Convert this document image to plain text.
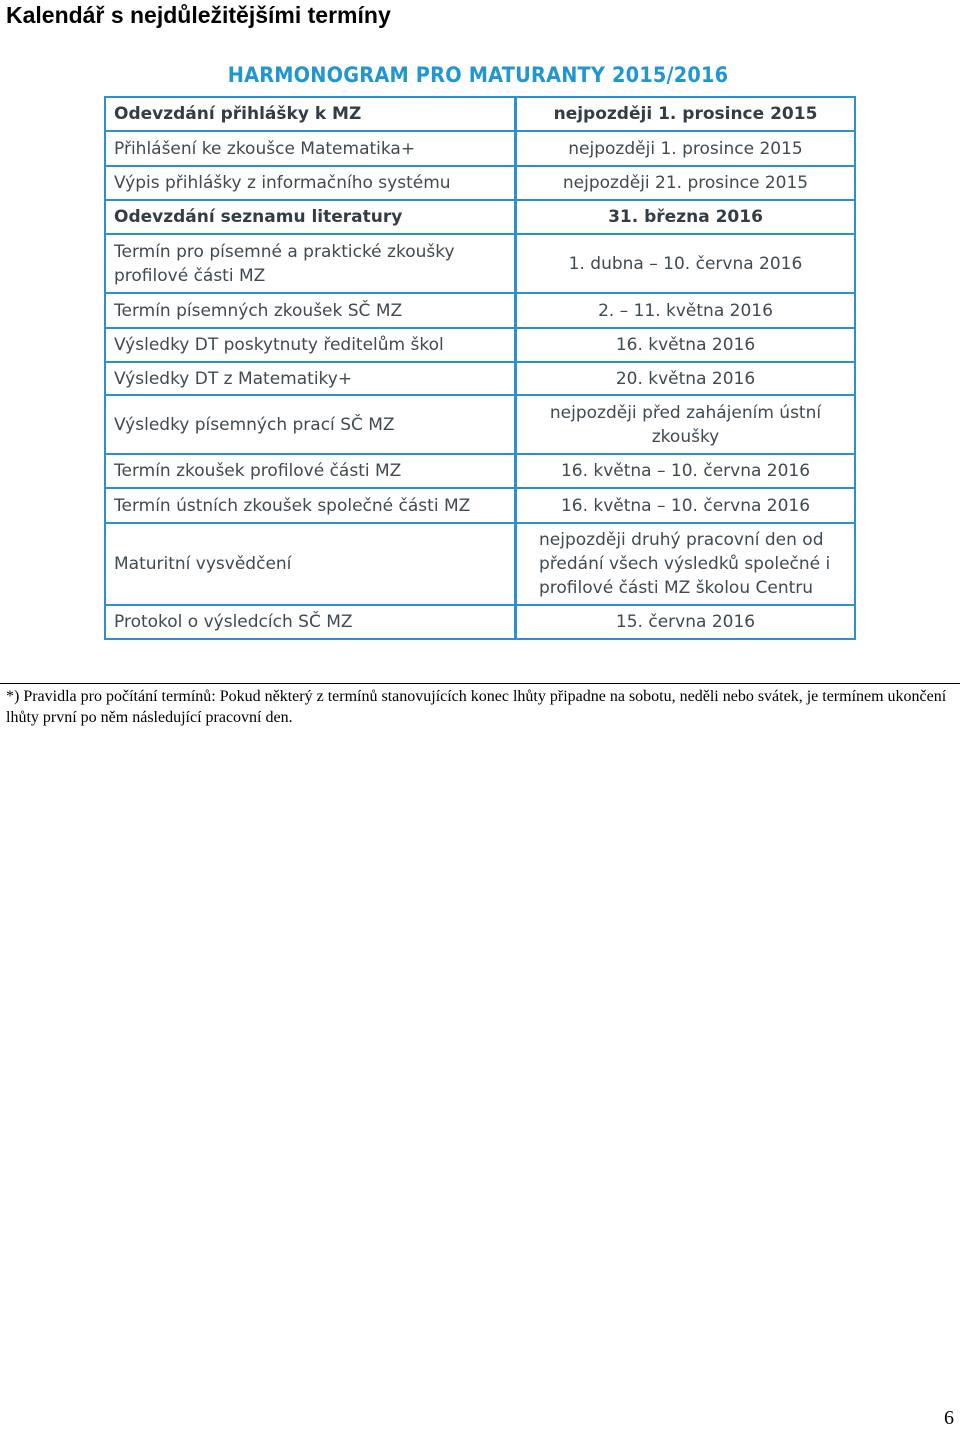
Kalendář s nejdůležitějšími termíny
HARMONOGRAM PRO MATURANTY 2015/2016
Odevzdání přihlášky k MZ	nejpozději 1. prosince 2015
Přihlášení ke zkoušce Matematika+	nejpozději 1. prosince 2015
Výpis přihlášky z informačního systému	nejpozději 21. prosince 2015
Odevzdání seznamu literatury	31. března 2016
Termín pro písemné a praktické zkoušky profilové části MZ	1. dubna – 10. června 2016
Termín písemných zkoušek SČ MZ	2. – 11. května 2016
Výsledky DT poskytnuty ředitelům škol	16. května 2016
Výsledky DT z Matematiky+	20. května 2016
Výsledky písemných prací SČ MZ	nejpozději před zahájením ústní zkoušky
Termín zkoušek profilové části MZ	16. května – 10. června 2016
Termín ústních zkoušek společné části MZ	16. května – 10. června 2016
Maturitní vysvědčení	nejpozději druhý pracovní den od předání všech výsledků společné i profilové části MZ školou Centru
Protokol o výsledcích SČ MZ	15. června 2016
*) Pravidla pro počítání termínů: Pokud některý z termínů stanovujících konec lhůty připadne na sobotu, neděli nebo svátek, je termínem ukončení lhůty první po něm následující pracovní den.
6
